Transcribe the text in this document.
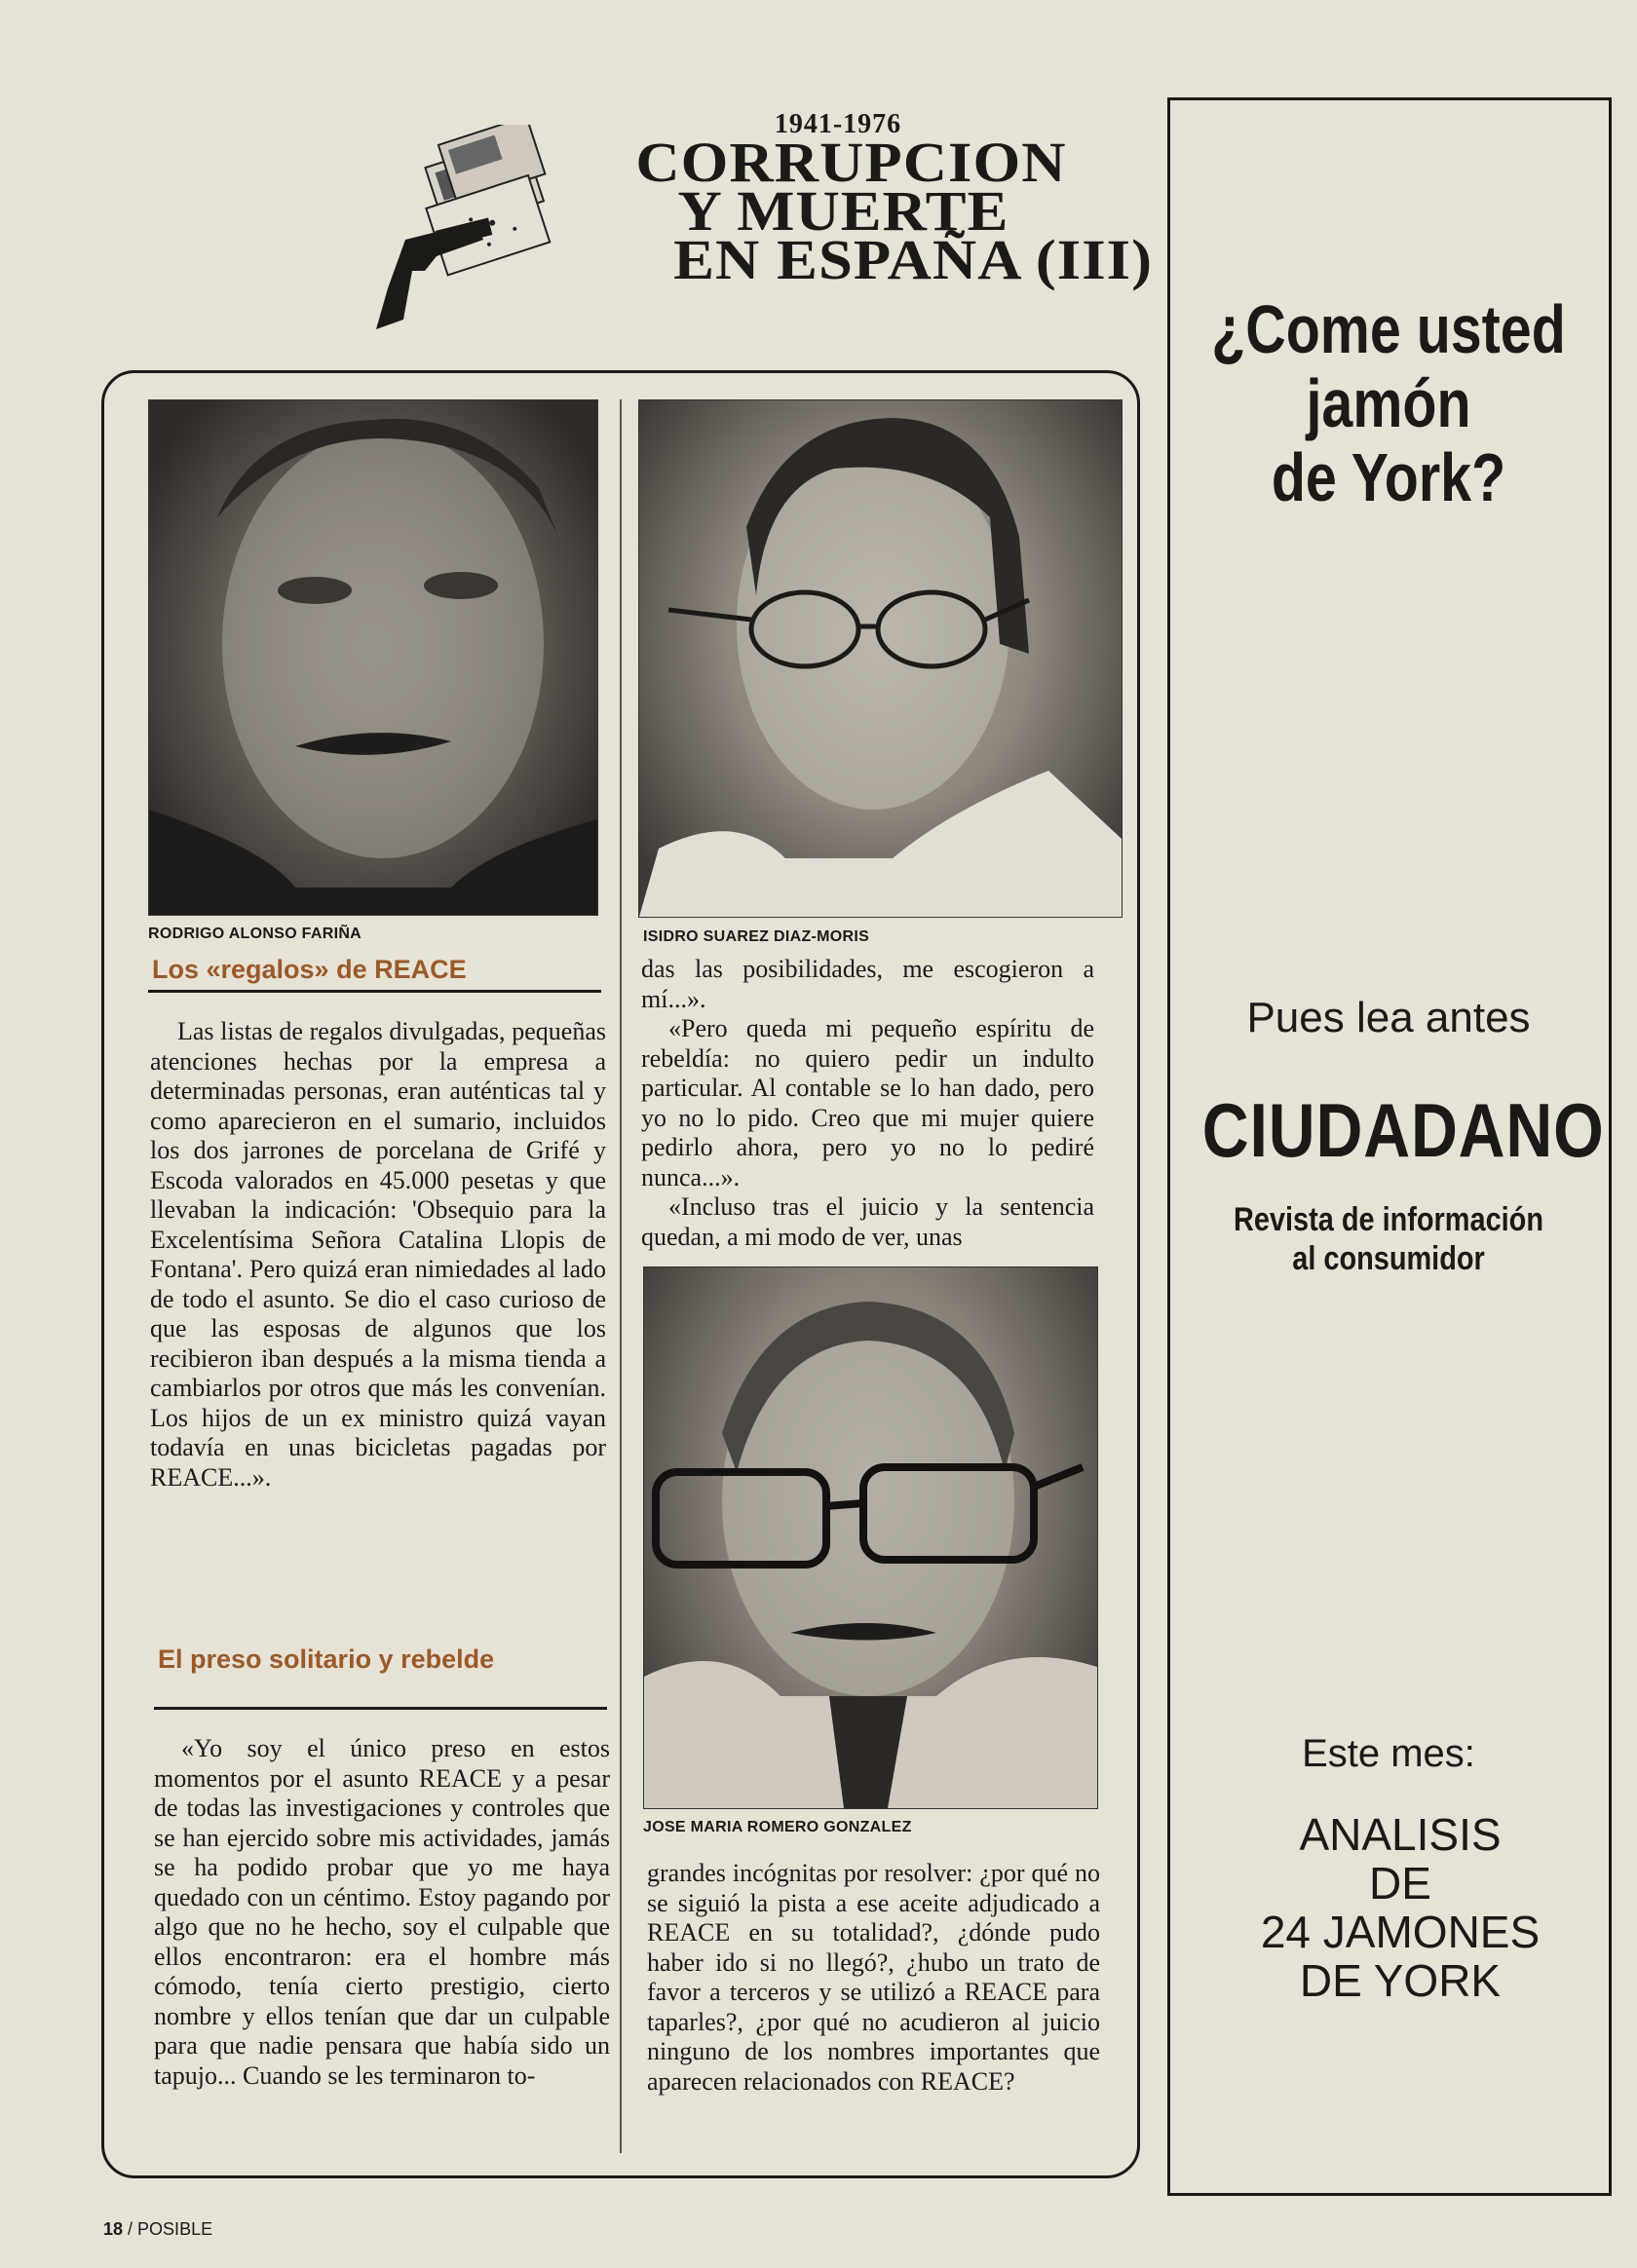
1941-1976
CORRUPCION
Y MUERTE
EN ESPAÑA (III)
RODRIGO ALONSO FARIÑA	ISIDRO SUAREZ DIAZ-MORIS
JOSE MARIA ROMERO GONZALEZ
Los «regalos» de REACE

Las listas de regalos divulgadas, pequeñas atenciones hechas por la empresa a determinadas personas, eran auténticas tal y como aparecieron en el sumario, incluidos los dos jarrones de porcelana de Grifé y Escoda valorados en 45.000 pesetas y que llevaban la indicación: 'Obsequio para la Excelentísima Señora Catalina Llopis de Fontana'. Pero quizá eran nimiedades al lado de todo el asunto. Se dio el caso curioso de que las esposas de algunos que los recibieron iban después a la misma tienda a cambiarlos por otros que más les convenían. Los hijos de un ex ministro quizá vayan todavía en unas bicicletas pagadas por REACE...».

El preso solitario y rebelde

«Yo soy el único preso en estos momentos por el asunto REACE y a pesar de todas las investigaciones y controles que se han ejercido sobre mis actividades, jamás se ha podido probar que yo me haya quedado con un céntimo. Estoy pagando por algo que no he hecho, soy el culpable que ellos encontraron: era el hombre más cómodo, tenía cierto prestigio, cierto nombre y ellos tenían que dar un culpable para que nadie pensara que había sido un tapujo... Cuando se les terminaron to-

das las posibilidades, me escogieron a mí...».

«Pero queda mi pequeño espíritu de rebeldía: no quiero pedir un indulto particular. Al contable se lo han dado, pero yo no lo pido. Creo que mi mujer quiere pedirlo ahora, pero yo no lo pediré nunca...».

«Incluso tras el juicio y la sentencia quedan, a mi modo de ver, unas

grandes incógnitas por resolver: ¿por qué no se siguió la pista a ese aceite adjudicado a REACE en su totalidad?, ¿dónde pudo haber ido si no llegó?, ¿hubo un trato de favor a terceros y se utilizó a REACE para taparles?, ¿por qué no acudieron al juicio ninguno de los nombres importantes que aparecen relacionados con REACE?

¿Come usted
jamón
de York?
Pues lea antes
CIUDADANO
Revista de información
al consumidor
Este mes:
ANALISIS
DE
24 JAMONES
DE YORK
18 / POSIBLE
